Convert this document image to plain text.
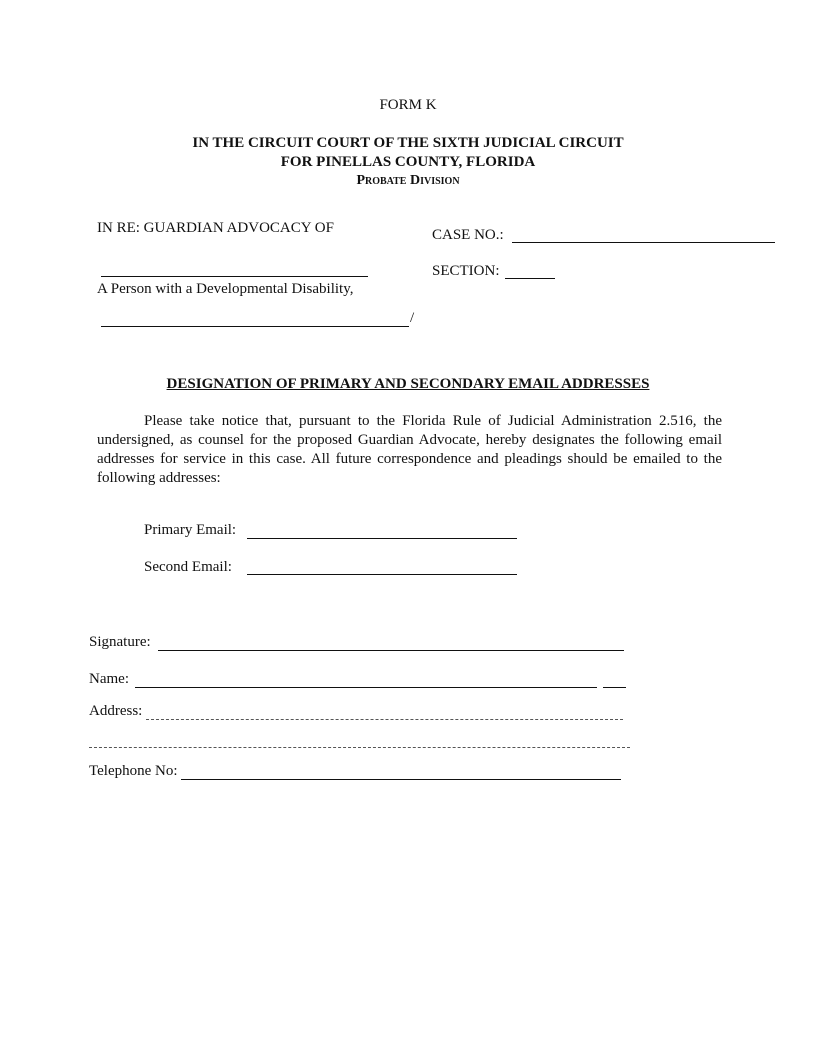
FORM K
IN THE CIRCUIT COURT OF THE SIXTH JUDICIAL CIRCUIT
FOR PINELLAS COUNTY, FLORIDA
Probate Division
IN RE: GUARDIAN ADVOCACY OF
A Person with a Developmental Disability,
/
CASE NO.:
SECTION:
DESIGNATION OF PRIMARY AND SECONDARY EMAIL ADDRESSES
Please take notice that, pursuant to the Florida Rule of Judicial Administration 2.516, the undersigned, as counsel for the proposed Guardian Advocate, hereby designates the following email addresses for service in this case. All future correspondence and pleadings should be emailed to the following addresses:
Primary Email:
Second Email:
Signature:
Name:
Address:
Telephone No:
